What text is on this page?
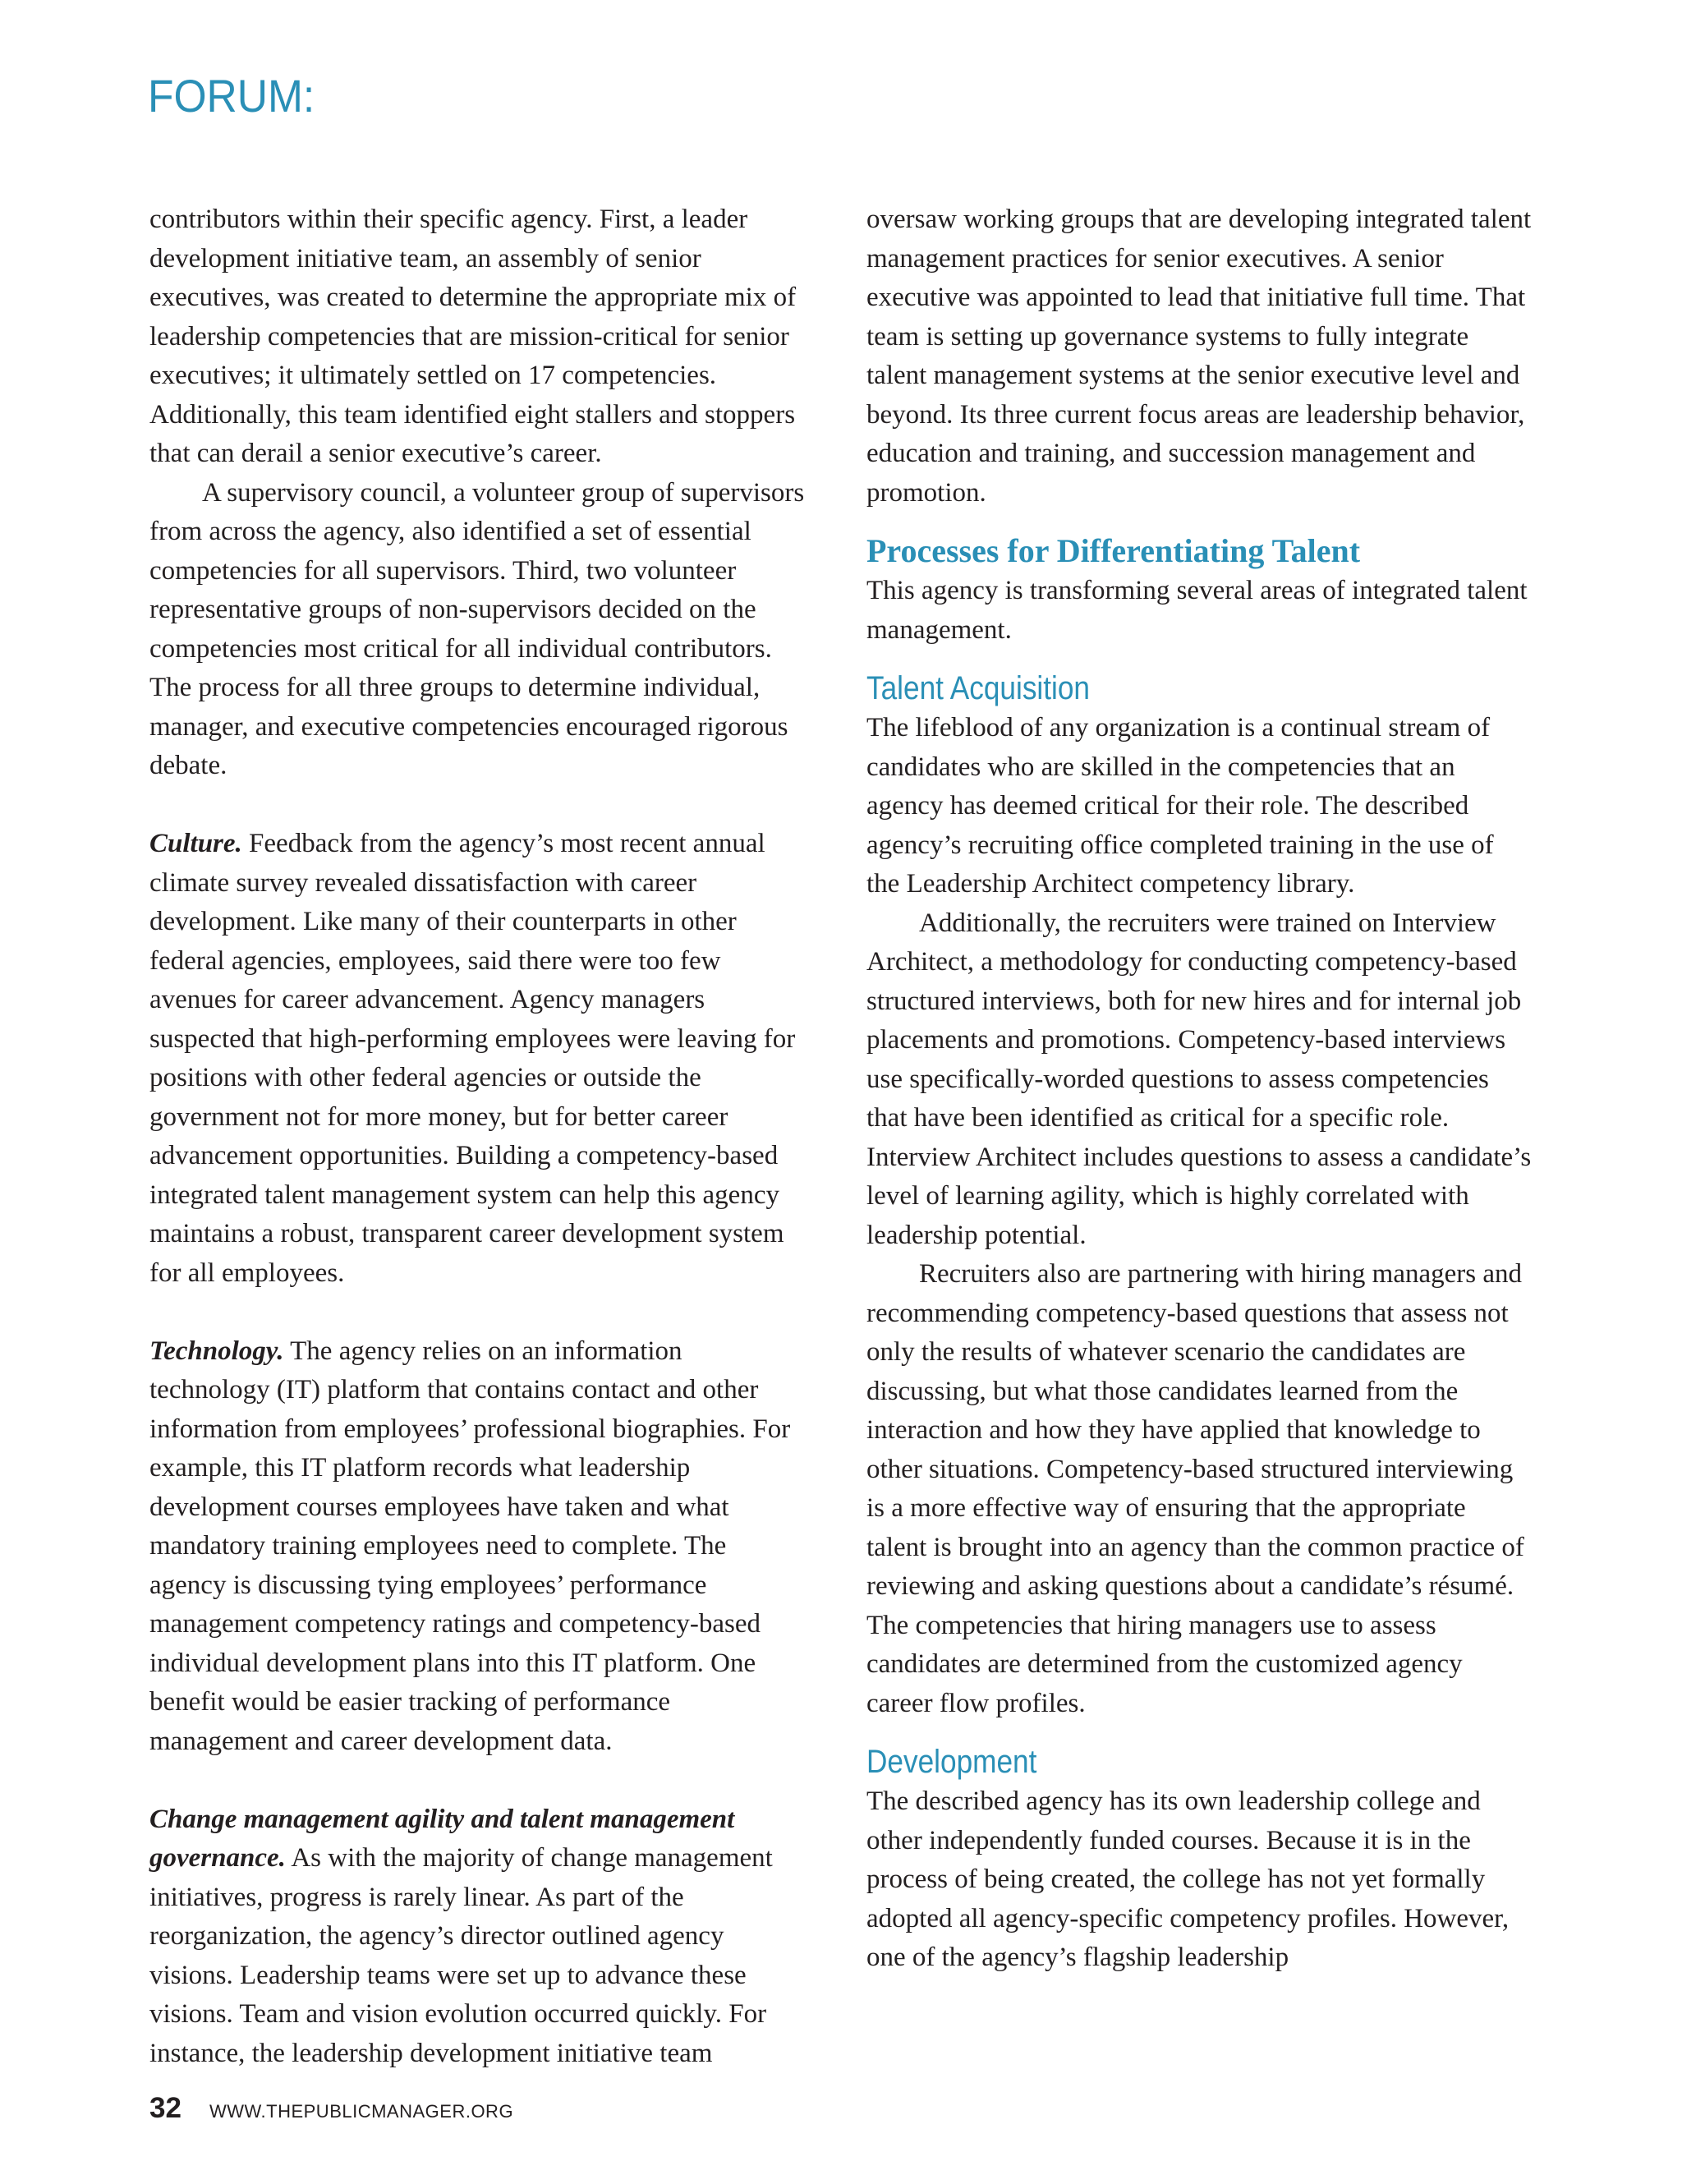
FORUM:

contributors within their specific agency. First, a leader development initiative team, an assembly of senior executives, was created to determine the appropriate mix of leadership competencies that are mission-critical for senior executives; it ultimately settled on 17 competencies. Additionally, this team identified eight stallers and stoppers that can derail a senior executive’s career.

A supervisory council, a volunteer group of supervisors from across the agency, also identified a set of essential competencies for all supervisors. Third, two volunteer representative groups of non-supervisors decided on the competencies most critical for all individual contributors. The process for all three groups to determine individual, manager, and executive competencies encouraged rigorous debate.

Culture. Feedback from the agency’s most recent annual climate survey revealed dissatisfaction with career development. Like many of their counterparts in other federal agencies, employees, said there were too few avenues for career advancement. Agency managers suspected that high-performing employees were leaving for positions with other federal agencies or outside the government not for more money, but for better career advancement opportunities. Building a competency-based integrated talent management system can help this agency maintains a robust, transparent career development system for all employees.

Technology. The agency relies on an information technology (IT) platform that contains contact and other information from employees’ professional biographies. For example, this IT platform records what leadership development courses employees have taken and what mandatory training employees need to complete. The agency is discussing tying employees’ performance management competency ratings and competency-based individual development plans into this IT platform. One benefit would be easier tracking of performance management and career development data.

Change management agility and talent management governance. As with the majority of change management initiatives, progress is rarely linear. As part of the reorganization, the agency’s director outlined agency visions. Leadership teams were set up to advance these visions. Team and vision evolution occurred quickly. For instance, the leadership development initiative team

oversaw working groups that are developing integrated talent management practices for senior executives. A senior executive was appointed to lead that initiative full time. That team is setting up governance systems to fully integrate talent management systems at the senior executive level and beyond. Its three current focus areas are leadership behavior, education and training, and succession management and promotion.

Processes for Differentiating Talent

This agency is transforming several areas of integrated talent management.

Talent Acquisition

The lifeblood of any organization is a continual stream of candidates who are skilled in the competencies that an agency has deemed critical for their role. The described agency’s recruiting office completed training in the use of the Leadership Architect competency library.

Additionally, the recruiters were trained on Interview Architect, a methodology for conducting competency-based structured interviews, both for new hires and for internal job placements and promotions. Competency-based interviews use specifically-worded questions to assess competencies that have been identified as critical for a specific role. Interview Architect includes questions to assess a candidate’s level of learning agility, which is highly correlated with leadership potential.

Recruiters also are partnering with hiring managers and recommending competency-based questions that assess not only the results of whatever scenario the candidates are discussing, but what those candidates learned from the interaction and how they have applied that knowledge to other situations. Competency-based structured interviewing is a more effective way of ensuring that the appropriate talent is brought into an agency than the common practice of reviewing and asking questions about a candidate’s résumé. The competencies that hiring managers use to assess candidates are determined from the customized agency career flow profiles.

Development

The described agency has its own leadership college and other independently funded courses. Because it is in the process of being created, the college has not yet formally adopted all agency-specific competency profiles. However, one of the agency’s flagship leadership

32 WWW.THEPUBLICMANAGER.ORG
